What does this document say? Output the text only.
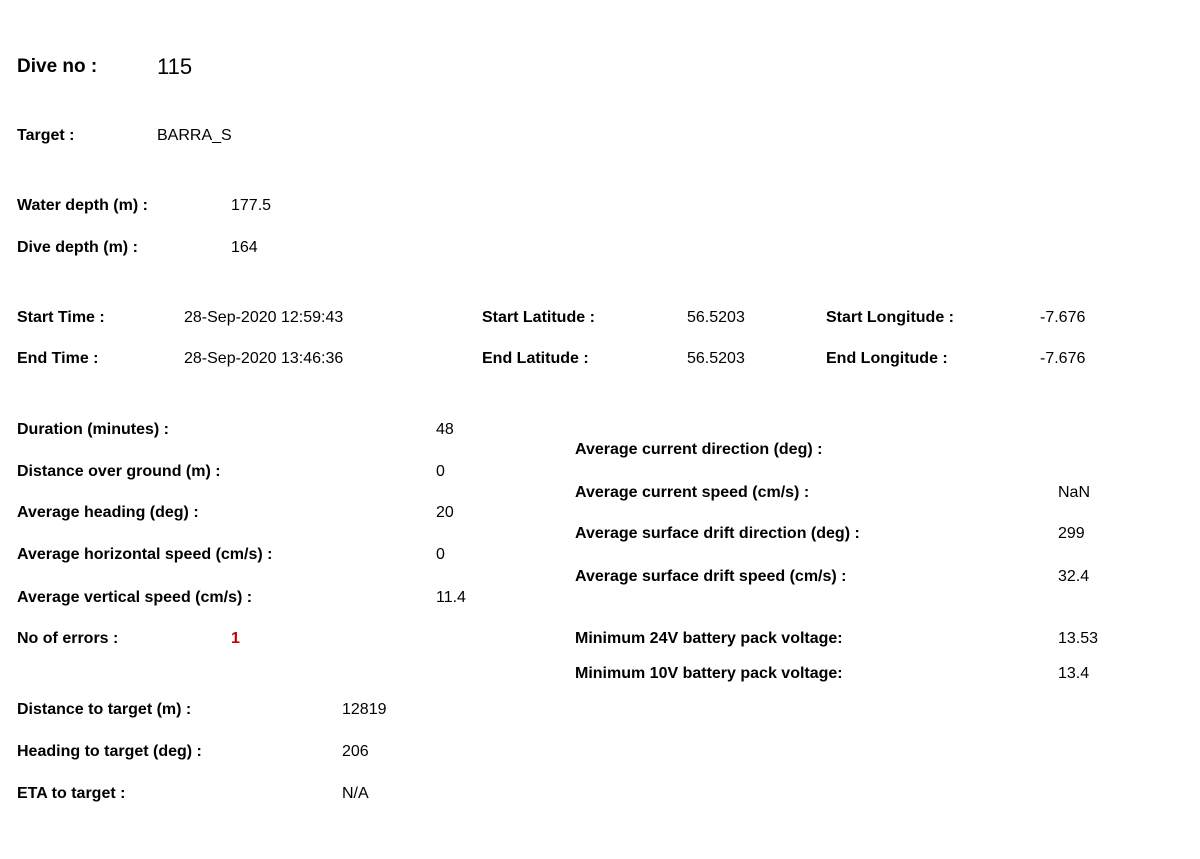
Dive no :	115
Target :	BARRA_S
Water depth (m) :	177.5
Dive depth (m) :	164
Start Time :	28-Sep-2020 12:59:43	Start Latitude :	56.5203	Start Longitude :	-7.676
End Time :	28-Sep-2020 13:46:36	End Latitude :	56.5203	End Longitude :	-7.676
Duration (minutes) :	48
Distance over ground (m) :	0
Average heading (deg) :	20
Average horizontal speed (cm/s) :	0
Average vertical speed (cm/s) :	11.4
No of errors :	1
Average current direction (deg) :
Average current speed (cm/s) :	NaN
Average surface drift direction (deg) :	299
Average surface drift speed (cm/s) :	32.4
Minimum 24V battery pack voltage:	13.53
Minimum 10V battery pack voltage:	13.4
Distance to target (m) :	12819
Heading to target (deg) :	206
ETA to target :	N/A
